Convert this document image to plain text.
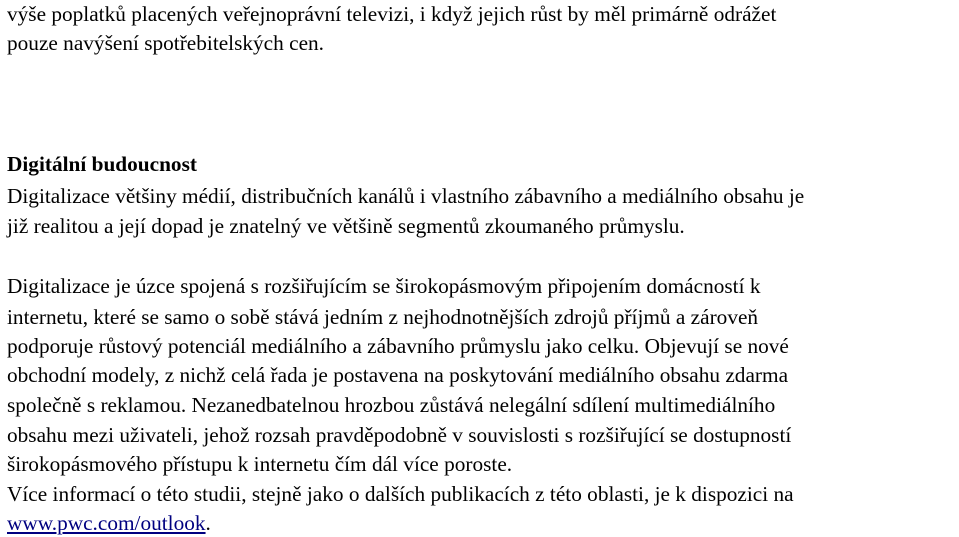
výše poplatků placených veřejnoprávní televizi, i když jejich růst by měl primárně odrážet
pouze navýšení spotřebitelských cen.
Digitální budoucnost
Digitalizace většiny médií, distribučních kanálů i vlastního zábavního a mediálního obsahu je
již realitou a její dopad je znatelný ve většině segmentů zkoumaného průmyslu.
Digitalizace je úzce spojená s rozšiřujícím se širokopásmovým připojením domácností k
internetu, které se samo o sobě stává jedním z nejhodnotnějších zdrojů příjmů a zároveň
podporuje růstový potenciál mediálního a zábavního průmyslu jako celku. Objevují se nové
obchodní modely, z nichž celá řada je postavena na poskytování mediálního obsahu zdarma
společně s reklamou. Nezanedbatelnou hrozbou zůstává nelegální sdílení multimediálního
obsahu mezi uživateli, jehož rozsah pravděpodobně v souvislosti s rozšiřující se dostupností
širokopásmového přístupu k internetu čím dál více poroste.
Více informací o této studii, stejně jako o dalších publikacích z této oblasti, je k dispozici na
www.pwc.com/outlook.
